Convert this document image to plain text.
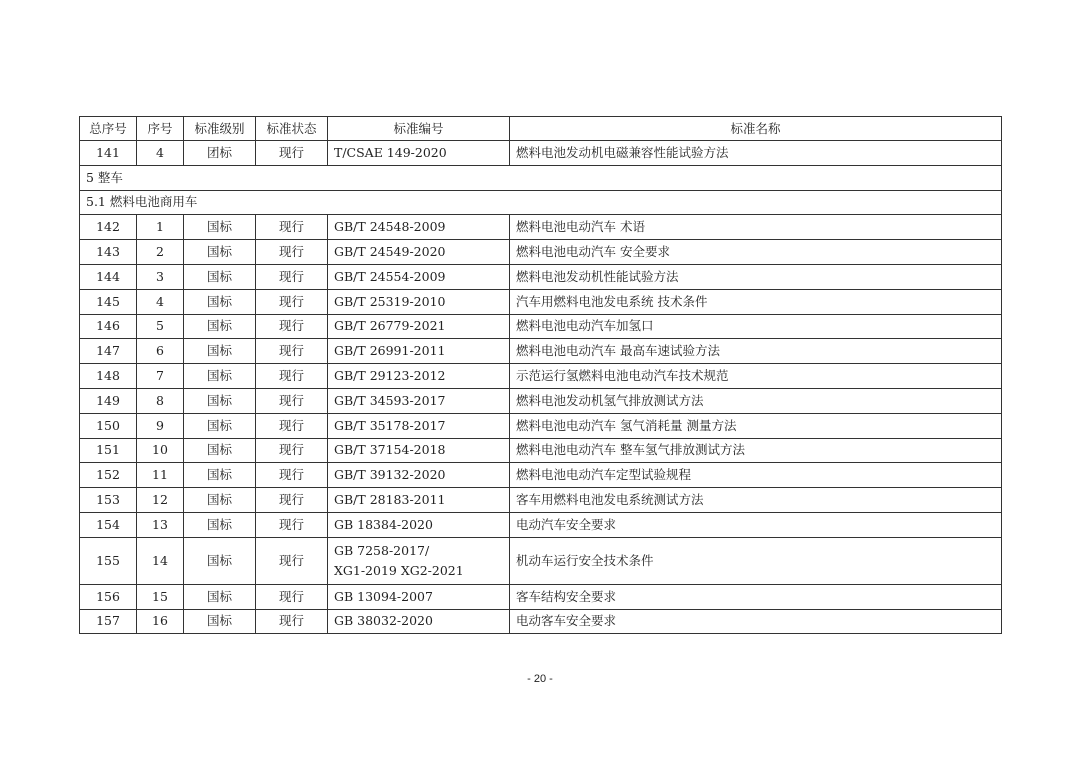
总序号	序号	标准级别	标准状态	标准编号	标准名称
141	4	团标	现行	T/CSAE 149-2020	燃料电池发动机电磁兼容性能试验方法
5 整车					
5.1 燃料电池商用车					
142	1	国标	现行	GB/T 24548-2009	燃料电池电动汽车 术语
143	2	国标	现行	GB/T 24549-2020	燃料电池电动汽车 安全要求
144	3	国标	现行	GB/T 24554-2009	燃料电池发动机性能试验方法
145	4	国标	现行	GB/T 25319-2010	汽车用燃料电池发电系统 技术条件
146	5	国标	现行	GB/T 26779-2021	燃料电池电动汽车加氢口
147	6	国标	现行	GB/T 26991-2011	燃料电池电动汽车 最高车速试验方法
148	7	国标	现行	GB/T 29123-2012	示范运行氢燃料电池电动汽车技术规范
149	8	国标	现行	GB/T 34593-2017	燃料电池发动机氢气排放测试方法
150	9	国标	现行	GB/T 35178-2017	燃料电池电动汽车 氢气消耗量 测量方法
151	10	国标	现行	GB/T 37154-2018	燃料电池电动汽车 整车氢气排放测试方法
152	11	国标	现行	GB/T 39132-2020	燃料电池电动汽车定型试验规程
153	12	国标	现行	GB/T 28183-2011	客车用燃料电池发电系统测试方法
154	13	国标	现行	GB 18384-2020	电动汽车安全要求
155	14	国标	现行	GB 7258-2017/
XG1-2019 XG2-2021	机动车运行安全技术条件
156	15	国标	现行	GB 13094-2007	客车结构安全要求
157	16	国标	现行	GB 38032-2020	电动客车安全要求
- 20 -
